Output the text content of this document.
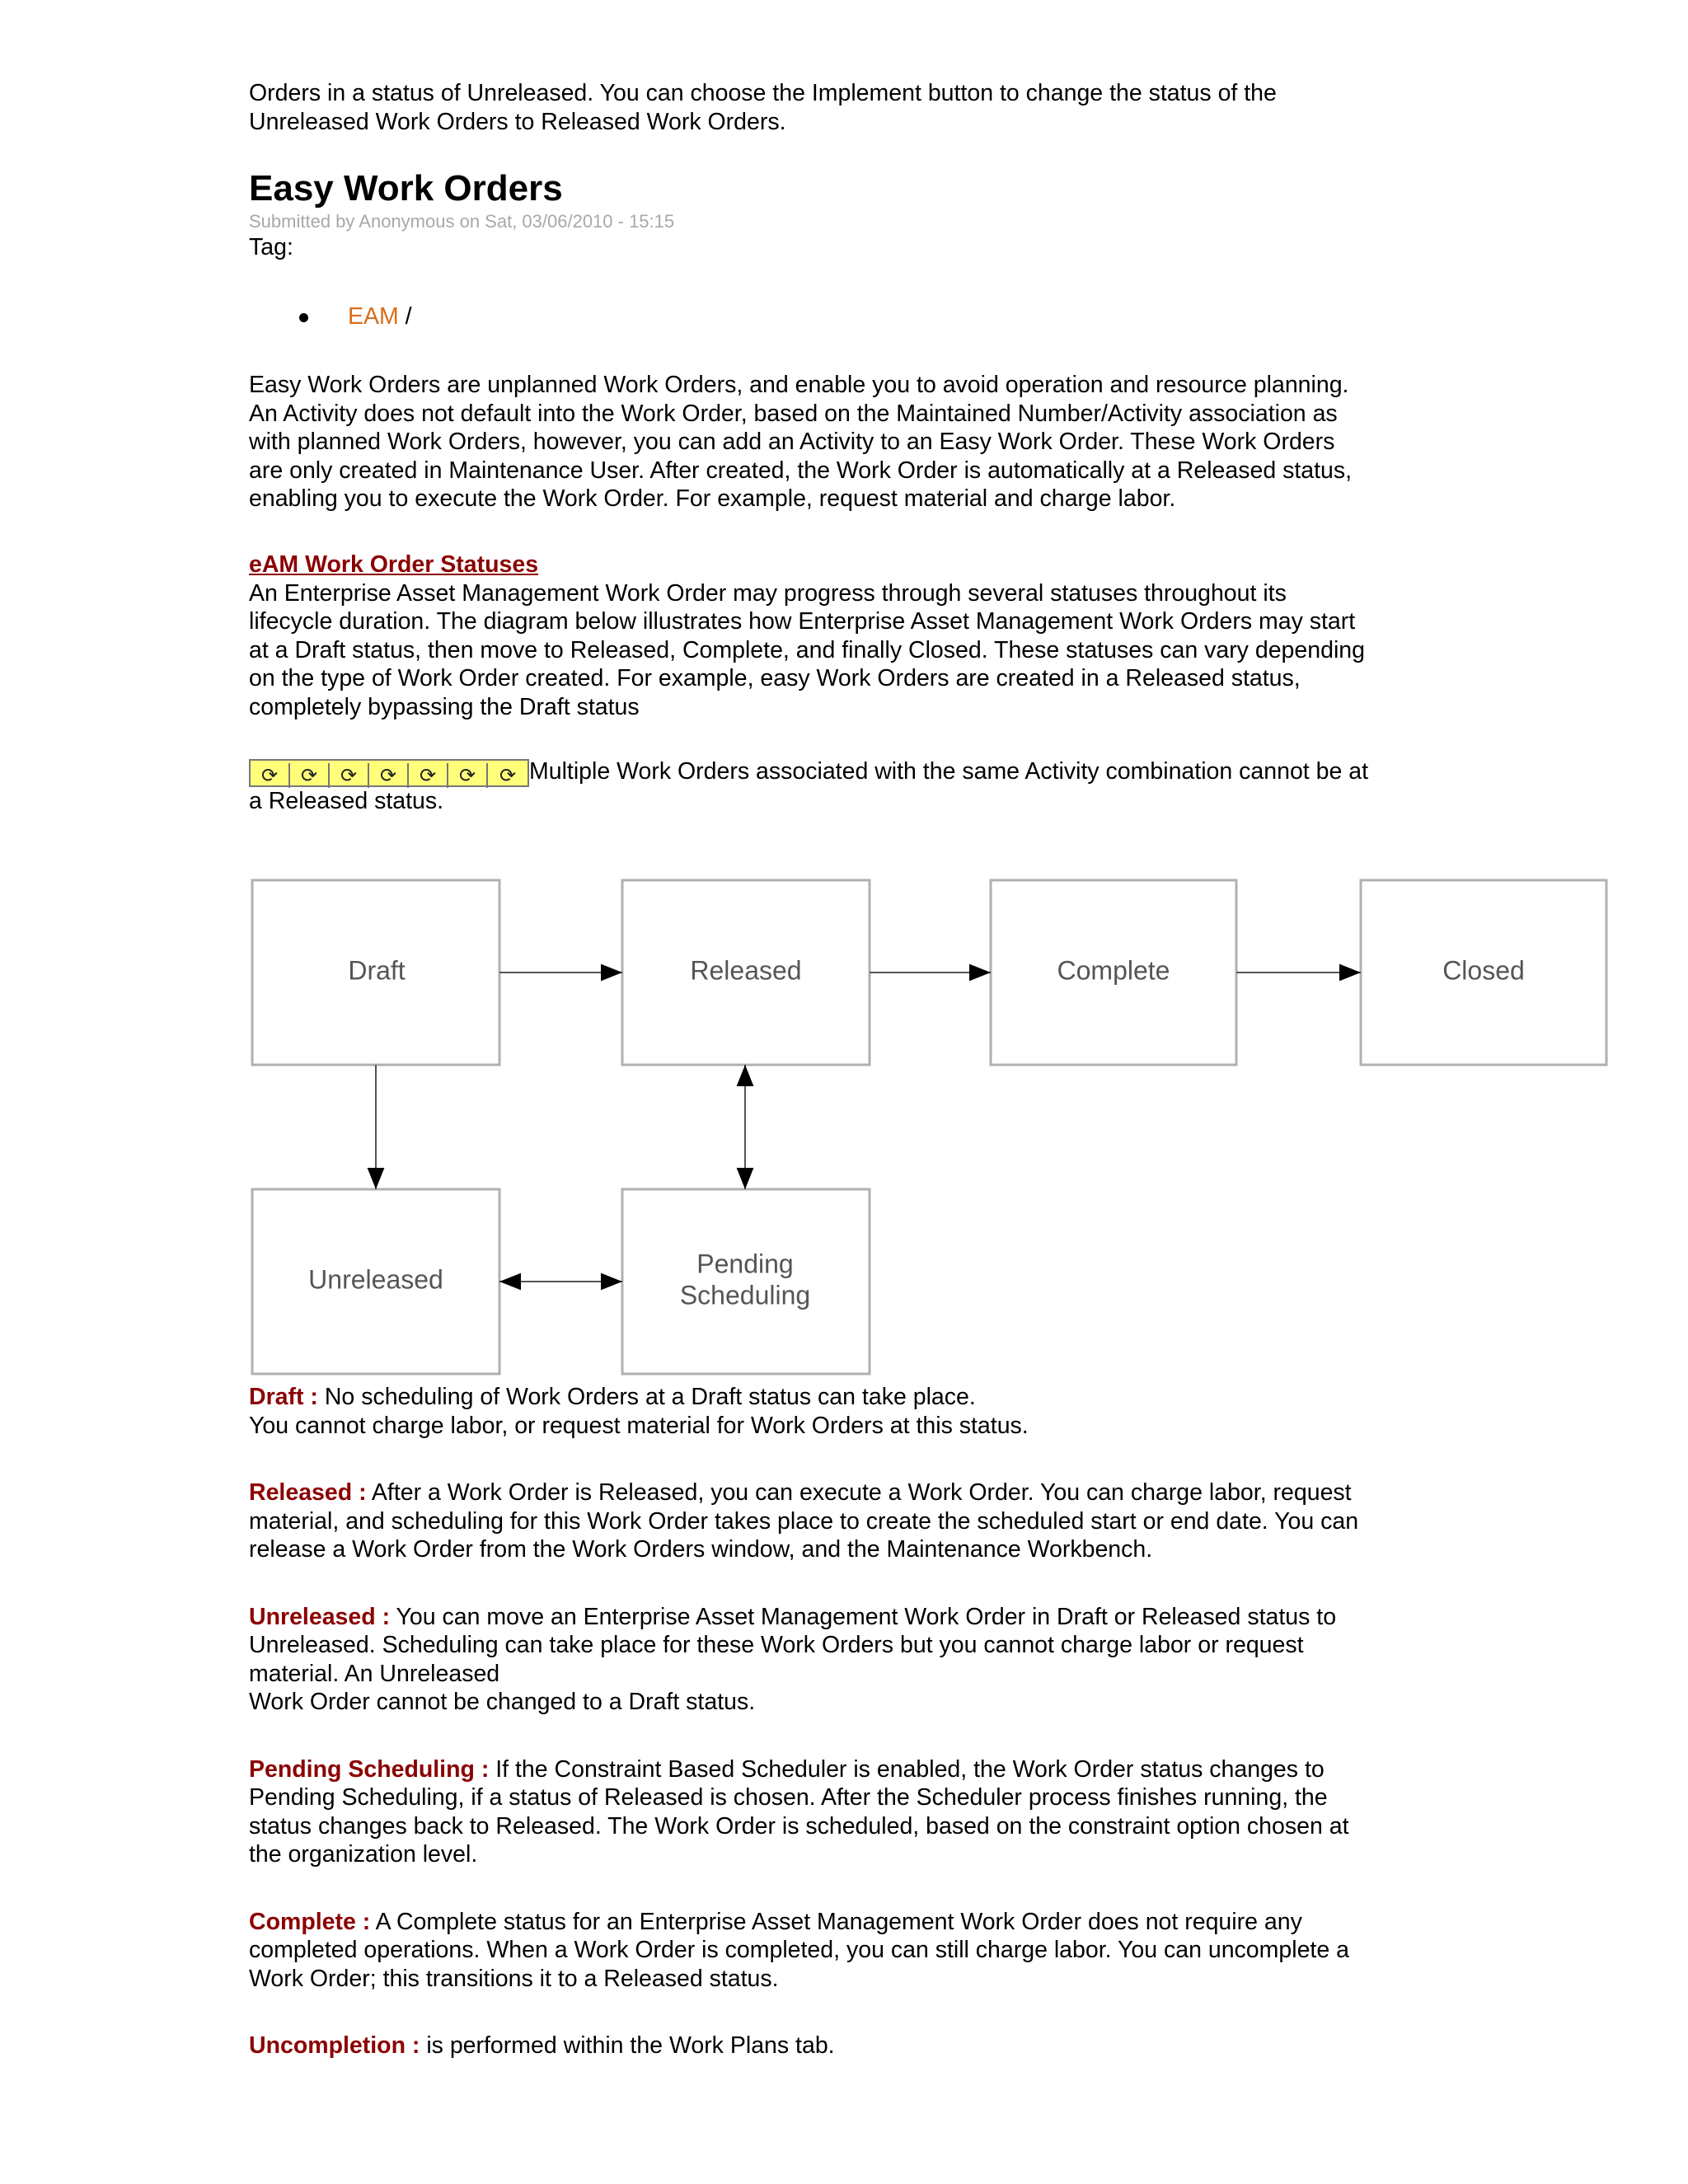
Orders in a status of Unreleased. You can choose the Implement button to change the status of the
Unreleased Work Orders to Released Work Orders.

Easy Work Orders
Submitted by Anonymous on Sat, 03/06/2010 - 15:15
Tag:
EAM /

Easy Work Orders are unplanned Work Orders, and enable you to avoid operation and resource planning.
An Activity does not default into the Work Order, based on the Maintained Number/Activity association as
with planned Work Orders, however, you can add an Activity to an Easy Work Order. These Work Orders
are only created in Maintenance User. After created, the Work Order is automatically at a Released status,
enabling you to execute the Work Order. For example, request material and charge labor.

eAM Work Order Statuses

An Enterprise Asset Management Work Order may progress through several statuses throughout its
lifecycle duration. The diagram below illustrates how Enterprise Asset Management Work Orders may start
at a Draft status, then move to Released, Complete, and finally Closed. These statuses can vary depending
on the type of Work Order created. For example, easy Work Orders are created in a Released status,
completely bypassing the Draft status

⟳ ⟳ ⟳ ⟳ ⟳ ⟳ ⟳ Multiple Work Orders associated with the same Activity combination cannot be at
a Released status.

Draft	Released	Complete	Closed
Unreleased
Pending
Scheduling

Draft : No scheduling of Work Orders at a Draft status can take place.
You cannot charge labor, or request material for Work Orders at this status.

Released : After a Work Order is Released, you can execute a Work Order. You can charge labor, request
material, and scheduling for this Work Order takes place to create the scheduled start or end date. You can
release a Work Order from the Work Orders window, and the Maintenance Workbench.

Unreleased : You can move an Enterprise Asset Management Work Order in Draft or Released status to
Unreleased. Scheduling can take place for these Work Orders but you cannot charge labor or request
material. An Unreleased
Work Order cannot be changed to a Draft status.

Pending Scheduling : If the Constraint Based Scheduler is enabled, the Work Order status changes to
Pending Scheduling, if a status of Released is chosen. After the Scheduler process finishes running, the
status changes back to Released. The Work Order is scheduled, based on the constraint option chosen at
the organization level.

Complete : A Complete status for an Enterprise Asset Management Work Order does not require any
completed operations. When a Work Order is completed, you can still charge labor. You can uncomplete a
Work Order; this transitions it to a Released status.

Uncompletion : is performed within the Work Plans tab.
